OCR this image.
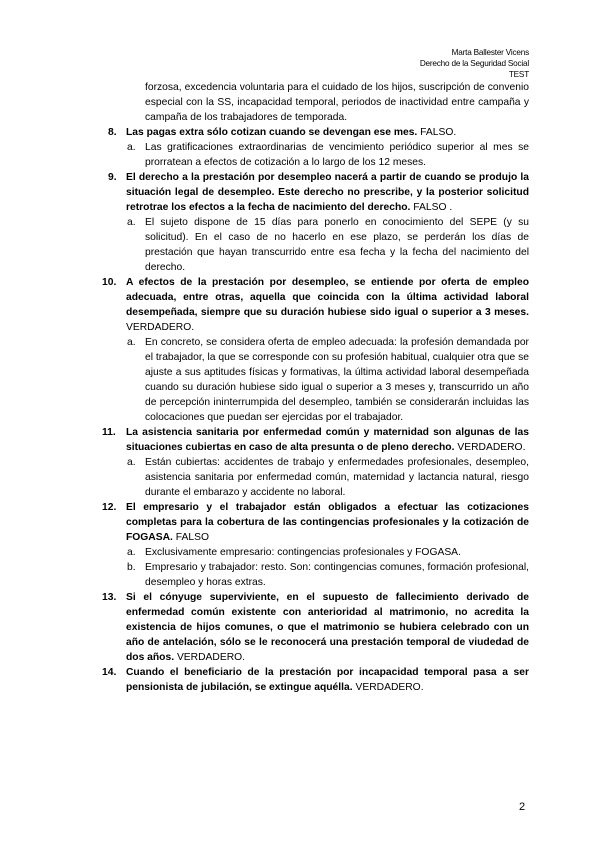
Marta Ballester Vicens
Derecho de la Seguridad Social
TEST
forzosa, excedencia voluntaria para el cuidado de los hijos, suscripción de convenio especial con la SS, incapacidad temporal, periodos de inactividad entre campaña y campaña de los trabajadores de temporada.
8. Las pagas extra sólo cotizan cuando se devengan ese mes. FALSO.
a. Las gratificaciones extraordinarias de vencimiento periódico superior al mes se prorratean a efectos de cotización a lo largo de los 12 meses.
9. El derecho a la prestación por desempleo nacerá a partir de cuando se produjo la situación legal de desempleo. Este derecho no prescribe, y la posterior solicitud retrotrae los efectos a la fecha de nacimiento del derecho. FALSO .
a. El sujeto dispone de 15 días para ponerlo en conocimiento del SEPE (y su solicitud). En el caso de no hacerlo en ese plazo, se perderán los días de prestación que hayan transcurrido entre esa fecha y la fecha del nacimiento del derecho.
10. A efectos de la prestación por desempleo, se entiende por oferta de empleo adecuada, entre otras, aquella que coincida con la última actividad laboral desempeñada, siempre que su duración hubiese sido igual o superior a 3 meses. VERDADERO.
a. En concreto, se considera oferta de empleo adecuada: la profesión demandada por el trabajador, la que se corresponde con su profesión habitual, cualquier otra que se ajuste a sus aptitudes físicas y formativas, la última actividad laboral desempeñada cuando su duración hubiese sido igual o superior a 3 meses y, transcurrido un año de percepción ininterrumpida del desempleo, también se considerarán incluidas las colocaciones que puedan ser ejercidas por el trabajador.
11. La asistencia sanitaria por enfermedad común y maternidad son algunas de las situaciones cubiertas en caso de alta presunta o de pleno derecho. VERDADERO.
a. Están cubiertas: accidentes de trabajo y enfermedades profesionales, desempleo, asistencia sanitaria por enfermedad común, maternidad y lactancia natural, riesgo durante el embarazo y accidente no laboral.
12. El empresario y el trabajador están obligados a efectuar las cotizaciones completas para la cobertura de las contingencias profesionales y la cotización de FOGASA. FALSO
a. Exclusivamente empresario: contingencias profesionales y FOGASA.
b. Empresario y trabajador: resto. Son: contingencias comunes, formación profesional, desempleo y horas extras.
13. Si el cónyuge superviviente, en el supuesto de fallecimiento derivado de enfermedad común existente con anterioridad al matrimonio, no acredita la existencia de hijos comunes, o que el matrimonio se hubiera celebrado con un año de antelación, sólo se le reconocerá una prestación temporal de viudedad de dos años. VERDADERO.
14. Cuando el beneficiario de la prestación por incapacidad temporal pasa a ser pensionista de jubilación, se extingue aquélla. VERDADERO.
2
